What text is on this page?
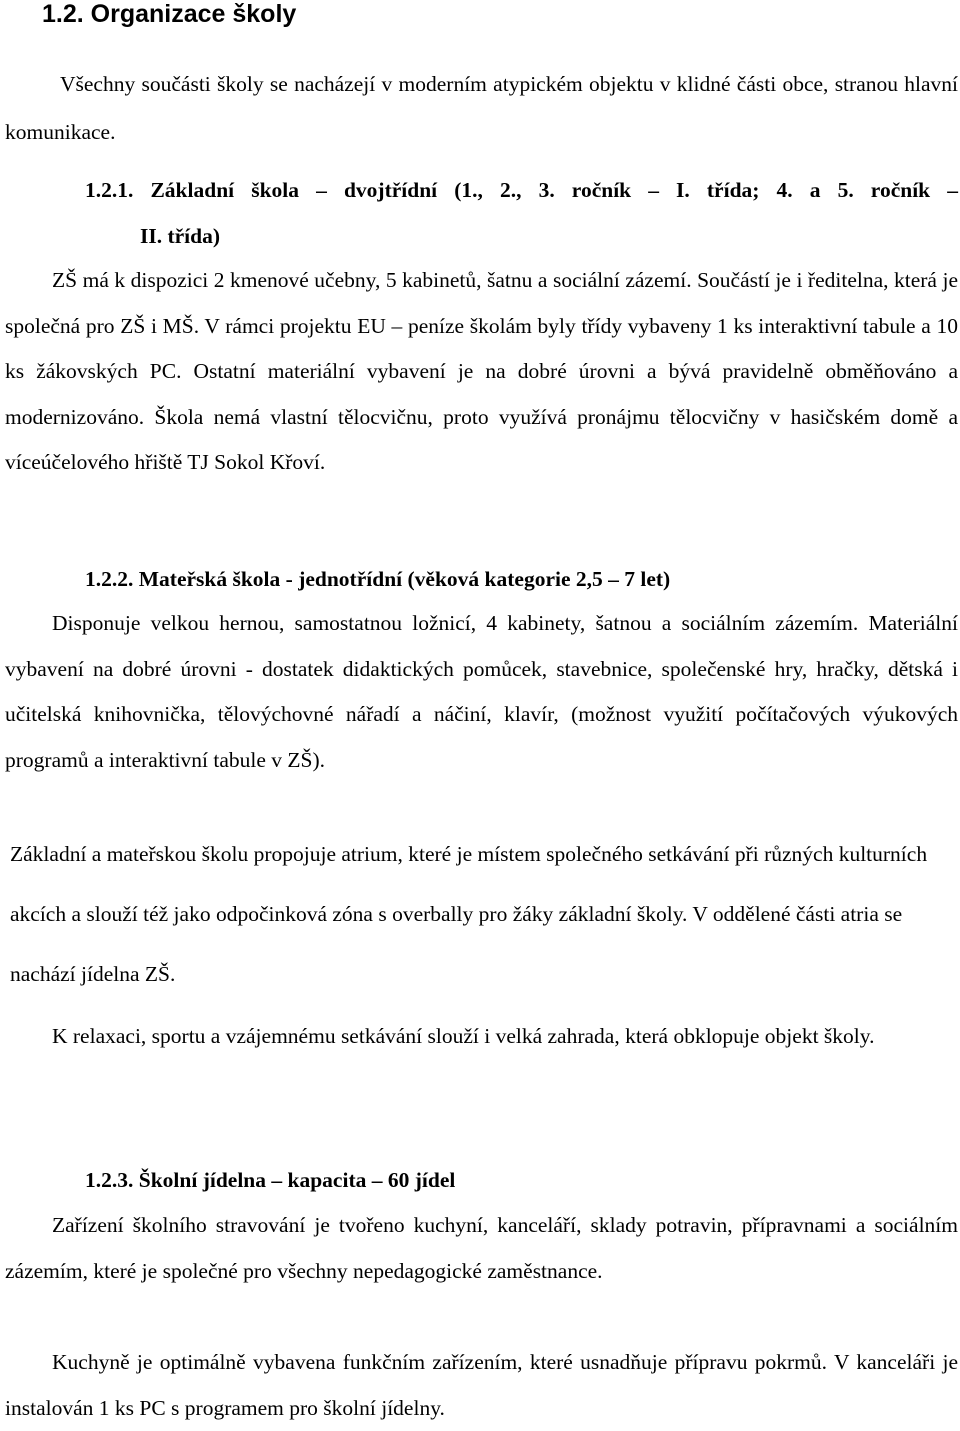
1.2. Organizace školy

Všechny součásti školy se nacházejí v moderním atypickém objektu v klidné části obce, stranou hlavní komunikace.

1.2.1. Základní škola – dvojtřídní (1., 2., 3. ročník – I. třída; 4. a 5. ročník –

II. třída)

ZŠ má k dispozici 2 kmenové učebny, 5 kabinetů, šatnu a sociální zázemí. Součástí je i ředitelna, která je společná pro ZŠ i MŠ. V rámci projektu EU – peníze školám byly třídy vybaveny 1 ks interaktivní tabule a 10 ks žákovských PC. Ostatní materiální vybavení je na dobré úrovni a bývá pravidelně obměňováno a modernizováno. Škola nemá vlastní tělocvičnu, proto využívá pronájmu tělocvičny v hasičském domě a víceúčelového hřiště TJ Sokol Křoví.

1.2.2. Mateřská škola - jednotřídní (věková kategorie 2,5 – 7 let)

Disponuje velkou hernou, samostatnou ložnicí, 4 kabinety, šatnou a sociálním zázemím. Materiální vybavení na dobré úrovni - dostatek didaktických pomůcek, stavebnice, společenské hry, hračky, dětská i učitelská knihovnička, tělovýchovné nářadí a náčiní, klavír, (možnost využití počítačových výukových programů a interaktivní tabule v ZŠ).

Základní a mateřskou školu propojuje atrium, které je místem společného setkávání při různých kulturních akcích a slouží též jako odpočinková zóna s overbally pro žáky základní školy. V oddělené části atria se nachází jídelna ZŠ.

K relaxaci, sportu a vzájemnému setkávání slouží i velká zahrada, která obklopuje objekt školy.

1.2.3. Školní jídelna – kapacita – 60 jídel

Zařízení školního stravování je tvořeno kuchyní, kanceláří, sklady potravin, přípravnami a sociálním zázemím, které je společné pro všechny nepedagogické zaměstnance.

Kuchyně je optimálně vybavena funkčním zařízením, které usnadňuje přípravu pokrmů. V kanceláři je instalován 1 ks PC s programem pro školní jídelny.
